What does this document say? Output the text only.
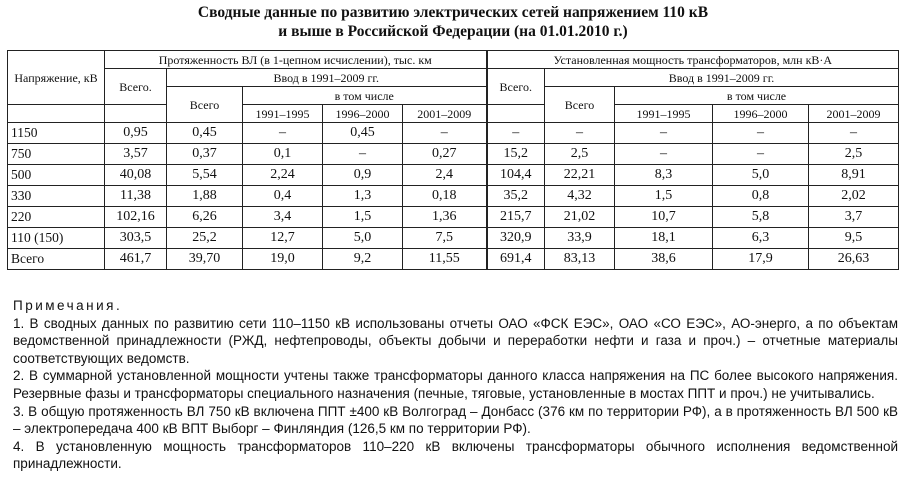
Сводные данные по развитию электрических сетей напряжением 110 кВ
и выше в Российской Федерации (на 01.01.2010 г.)
Напряжение, кВ	Протяженность ВЛ (в 1-цепном исчислении), тыс. км					Установленная мощность трансформаторов, млн кВ·А				
	Всего.	Ввод в 1991–2009 гг.				Всего.	Ввод в 1991–2009 гг.			
		Всего	в том числе				Всего	в том числе		
			1991–1995	1996–2000	2001–2009			1991–1995	1996–2000	2001–2009
1150	0,95	0,45	–	0,45	–	–	–	–	–	–
750	3,57	0,37	0,1	–	0,27	15,2	2,5	–	–	2,5
500	40,08	5,54	2,24	0,9	2,4	104,4	22,21	8,3	5,0	8,91
330	11,38	1,88	0,4	1,3	0,18	35,2	4,32	1,5	0,8	2,02
220	102,16	6,26	3,4	1,5	1,36	215,7	21,02	10,7	5,8	3,7
110 (150)	303,5	25,2	12,7	5,0	7,5	320,9	33,9	18,1	6,3	9,5
Всего	461,7	39,70	19,0	9,2	11,55	691,4	83,13	38,6	17,9	26,63

Примечания.

1. В сводных данных по развитию сети 110–1150 кВ использованы отчеты ОАО «ФСК ЕЭС», ОАО «СО ЕЭС», АО-энерго, а по объектам ведомственной принадлежности (РЖД, нефтепроводы, объекты добычи и переработки нефти и газа и проч.) – отчетные материалы соответствующих ведомств.

2. В суммарной установленной мощности учтены также трансформаторы данного класса напряжения на ПС более высокого напряжения. Резервные фазы и трансформаторы специального назначения (печные, тяговые, установленные в мостах ППТ и проч.) не учитывались.

3. В общую протяженность ВЛ 750 кВ включена ППТ ±400 кВ Волгоград – Донбасс (376 км по территории РФ), а в протяженность ВЛ 500 кВ – электропередача 400 кВ ВПТ Выборг – Финляндия (126,5 км по территории РФ).

4. В установленную мощность трансформаторов 110–220 кВ включены трансформаторы обычного исполнения ведомственной принадлежности.
